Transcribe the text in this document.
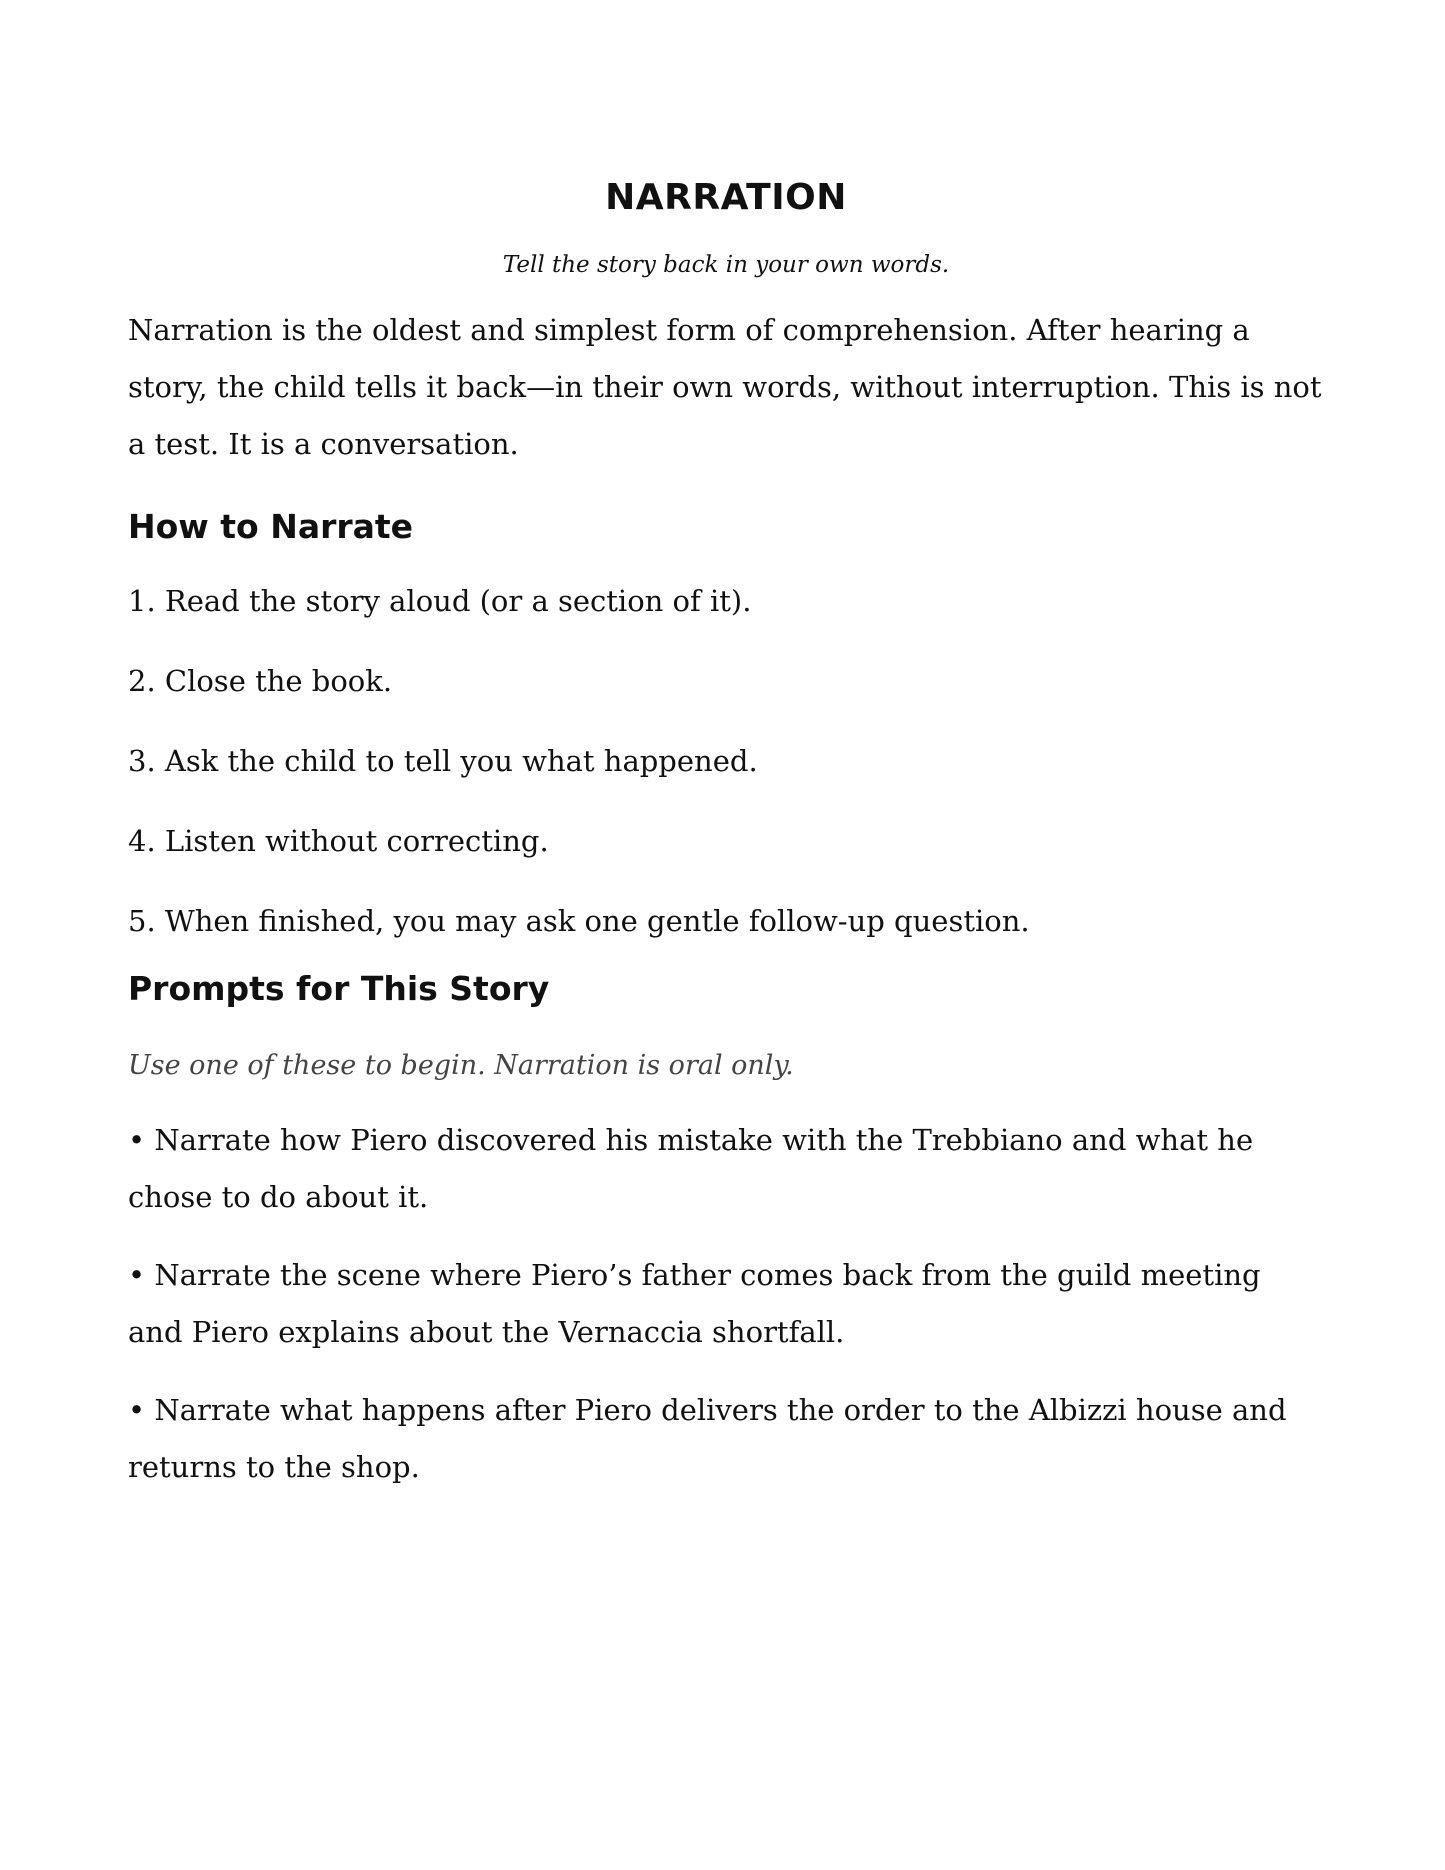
NARRATION

Tell the story back in your own words.

Narration is the oldest and simplest form of comprehension. After hearing a story, the child tells it back—in their own words, without interruption. This is not a test. It is a conversation.

How to Narrate
1. Read the story aloud (or a section of it).
2. Close the book.
3. Ask the child to tell you what happened.
4. Listen without correcting.
5. When finished, you may ask one gentle follow-up question.
Prompts for This Story

Use one of these to begin. Narration is oral only.

• Narrate how Piero discovered his mistake with the Trebbiano and what he chose to do about it.
• Narrate the scene where Piero’s father comes back from the guild meeting and Piero explains about the Vernaccia shortfall.
• Narrate what happens after Piero delivers the order to the Albizzi house and returns to the shop.
